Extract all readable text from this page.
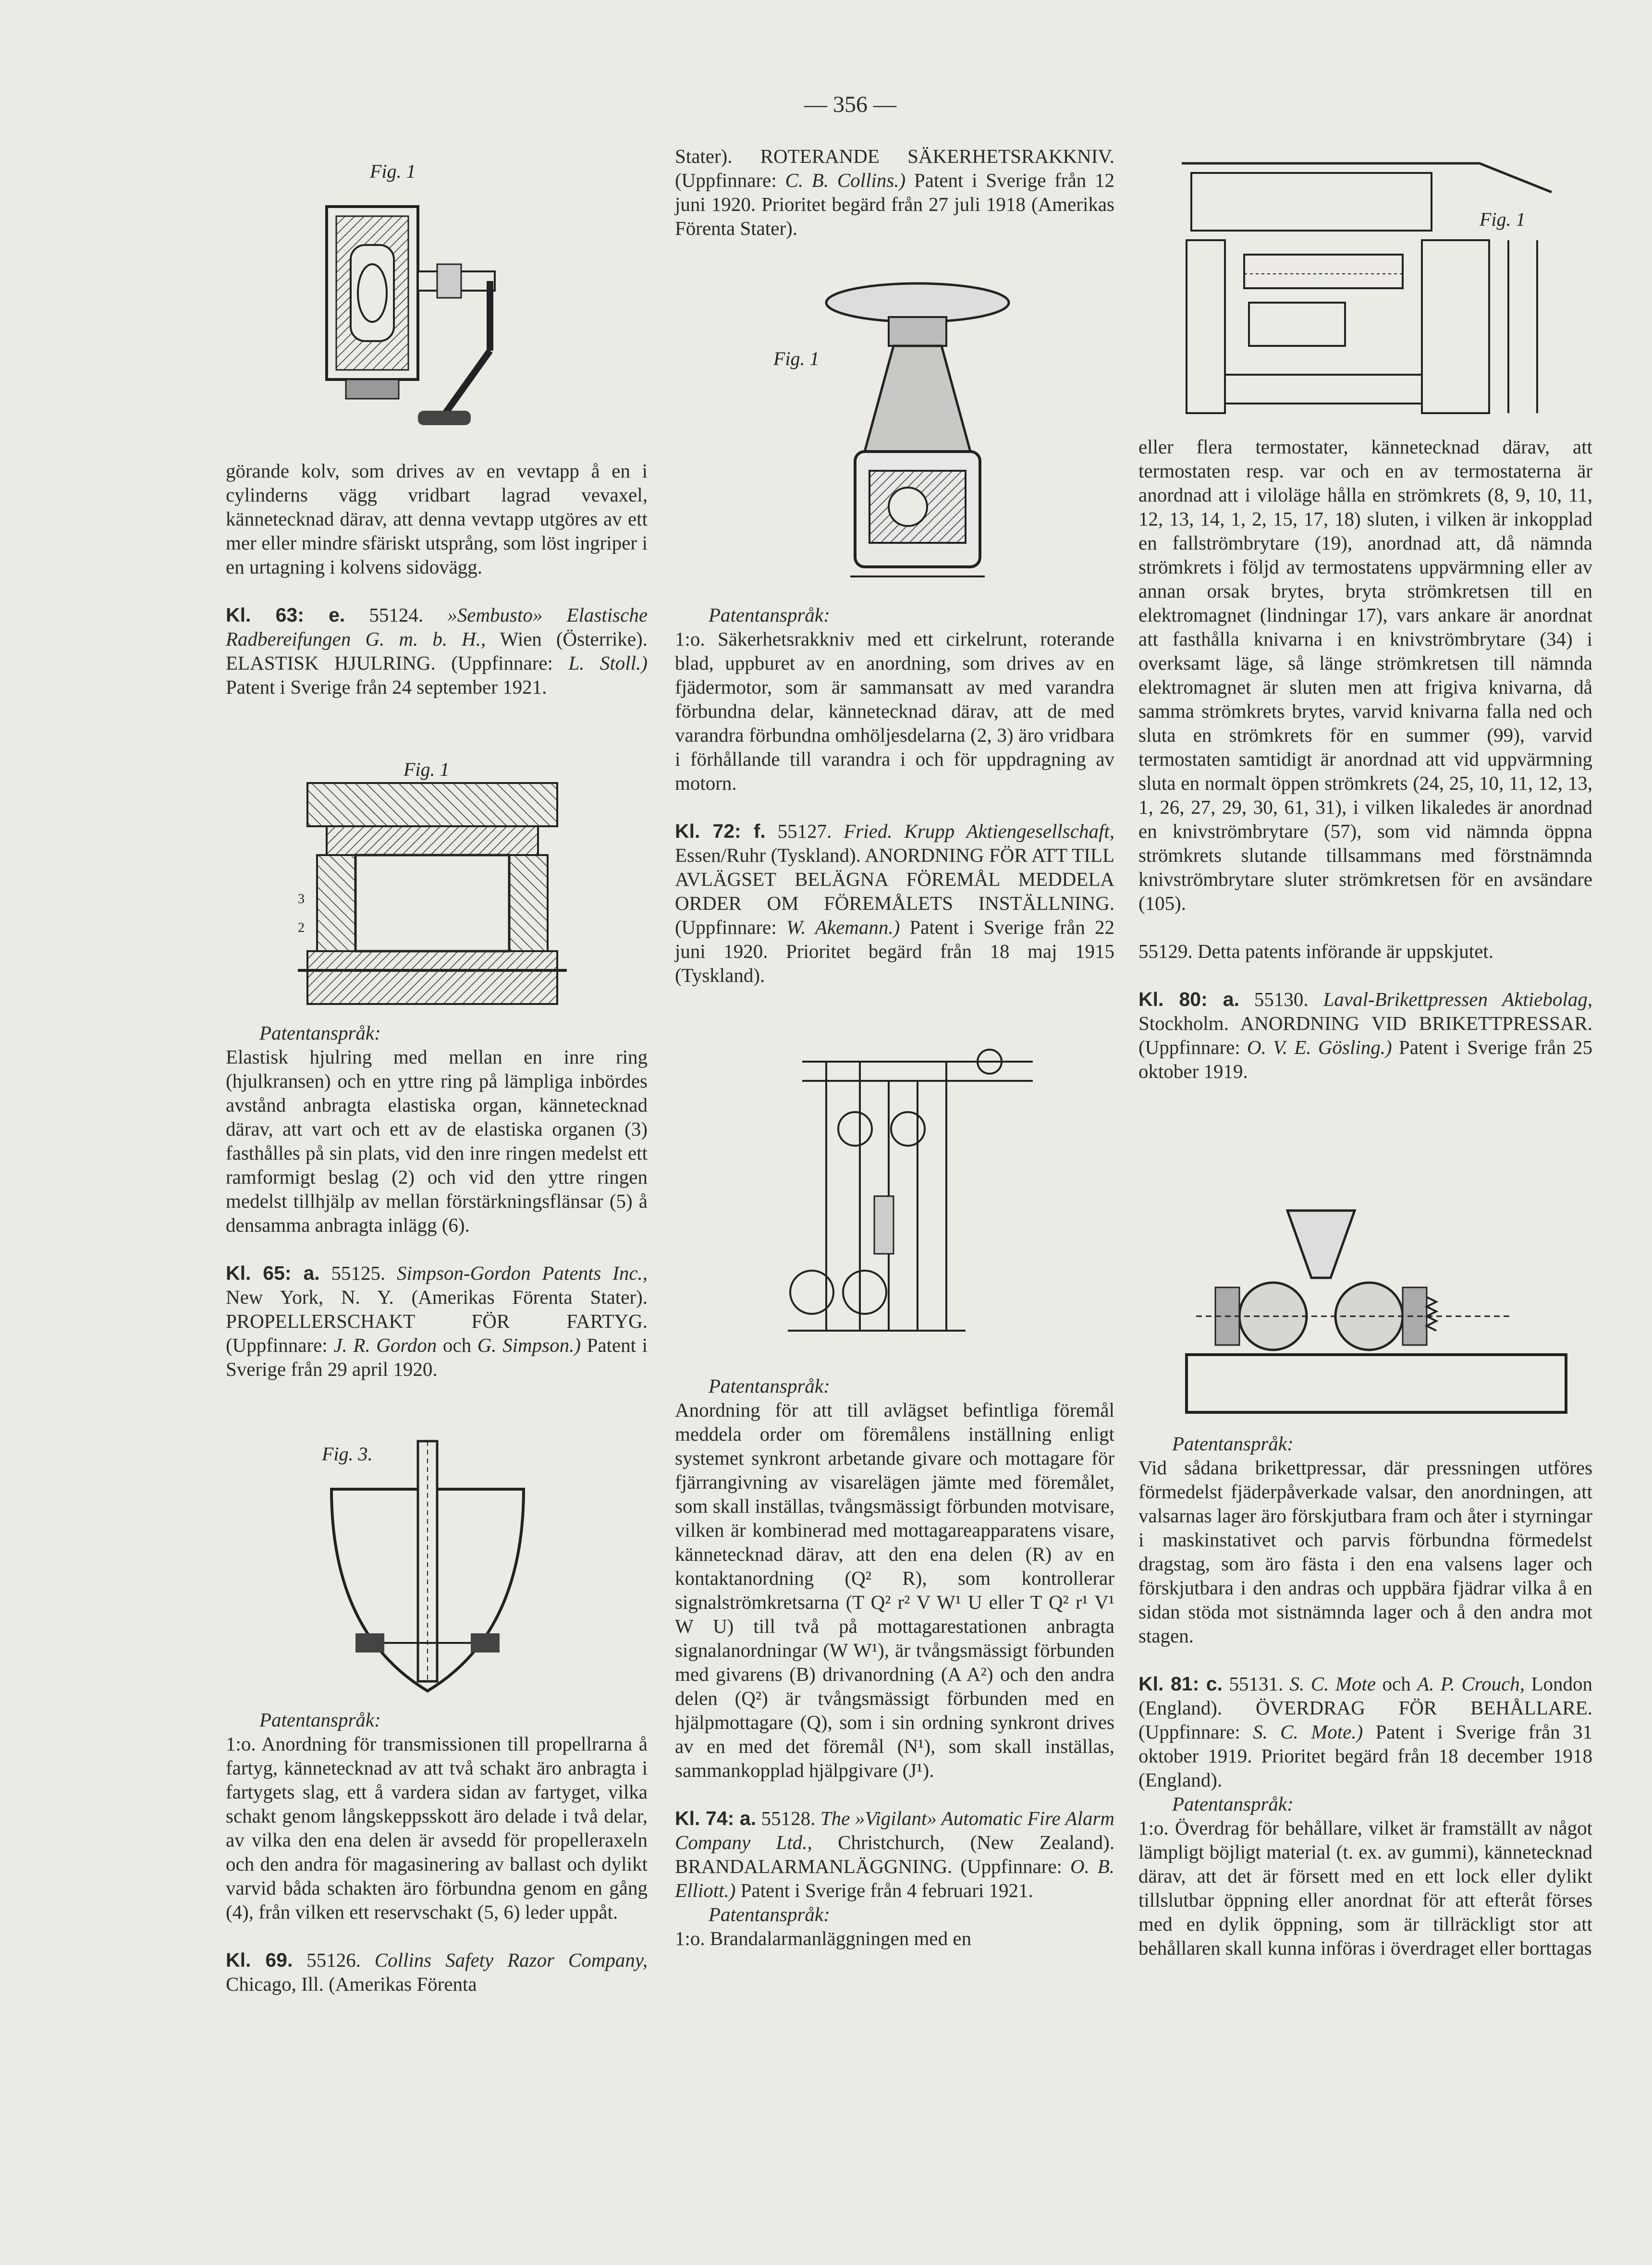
— 356 —
Fig. 1
Fig. 1
3
2
Fig. 3.
Fig. 1
Fig. 1

görande kolv, som drives av en vevtapp å en i cylinderns vägg vridbart lagrad vevaxel, kännetecknad därav, att denna vevtapp utgöres av ett mer eller mindre sfäriskt utsprång, som löst ingriper i en urtagning i kolvens sidovägg.

Kl. 63: e. 55124. »Sembusto» Elastische Radbereifungen G. m. b. H., Wien (Österrike). ELASTISK HJULRING. (Uppfinnare: L. Stoll.) Patent i Sverige från 24 september 1921.

Patentanspråk:

Elastisk hjulring med mellan en inre ring (hjulkransen) och en yttre ring på lämpliga inbördes avstånd anbragta elastiska organ, kännetecknad därav, att vart och ett av de elastiska organen (3) fasthålles på sin plats, vid den inre ringen medelst ett ramformigt beslag (2) och vid den yttre ringen medelst tillhjälp av mellan förstärkningsflänsar (5) å densamma anbragta inlägg (6).

Kl. 65: a. 55125. Simpson-Gordon Patents Inc., New York, N. Y. (Amerikas Förenta Stater). PROPELLERSCHAKT FÖR FARTYG. (Uppfinnare: J. R. Gordon och G. Simpson.) Patent i Sverige från 29 april 1920.

Patentanspråk:

1:o. Anordning för transmissionen till propellrarna å fartyg, kännetecknad av att två schakt äro anbragta i fartygets slag, ett å vardera sidan av fartyget, vilka schakt genom långskeppsskott äro delade i två delar, av vilka den ena delen är avsedd för propelleraxeln och den andra för magasinering av ballast och dylikt varvid båda schakten äro förbundna genom en gång (4), från vilken ett reservschakt (5, 6) leder uppåt.

Kl. 69. 55126. Collins Safety Razor Company, Chicago, Ill. (Amerikas Förenta

Stater). ROTERANDE SÄKERHETSRAKKNIV. (Uppfinnare: C. B. Collins.) Patent i Sverige från 12 juni 1920. Prioritet begärd från 27 juli 1918 (Amerikas Förenta Stater).

Patentanspråk:

1:o. Säkerhetsrakkniv med ett cirkelrunt, roterande blad, uppburet av en anordning, som drives av en fjädermotor, som är sammansatt av med varandra förbundna delar, kännetecknad därav, att de med varandra förbundna omhöljesdelarna (2, 3) äro vridbara i förhållande till varandra i och för uppdragning av motorn.

Kl. 72: f. 55127. Fried. Krupp Aktiengesellschaft, Essen/Ruhr (Tyskland). ANORDNING FÖR ATT TILL AVLÄGSET BELÄGNA FÖREMÅL MEDDELA ORDER OM FÖREMÅLETS INSTÄLLNING. (Uppfinnare: W. Akemann.) Patent i Sverige från 22 juni 1920. Prioritet begärd från 18 maj 1915 (Tyskland).

Patentanspråk:

Anordning för att till avlägset befintliga föremål meddela order om föremålens inställning enligt systemet synkront arbetande givare och mottagare för fjärrangivning av visarelägen jämte med föremålet, som skall inställas, tvångsmässigt förbunden motvisare, vilken är kombinerad med mottagareapparatens visare, kännetecknad därav, att den ena delen (R) av en kontaktanordning (Q² R), som kontrollerar signalströmkretsarna (T Q² r² V W¹ U eller T Q² r¹ V¹ W U) till två på mottagarestationen anbragta signalanordningar (W W¹), är tvångsmässigt förbunden med givarens (B) drivanordning (A A²) och den andra delen (Q²) är tvångsmässigt förbunden med en hjälpmottagare (Q), som i sin ordning synkront drives av en med det föremål (N¹), som skall inställas, sammankopplad hjälpgivare (J¹).

Kl. 74: a. 55128. The »Vigilant» Automatic Fire Alarm Company Ltd., Christchurch, (New Zealand). BRANDALARMANLÄGGNING. (Uppfinnare: O. B. Elliott.) Patent i Sverige från 4 februari 1921.

Patentanspråk:

1:o. Brandalarmanläggningen med en

eller flera termostater, kännetecknad därav, att termostaten resp. var och en av termostaterna är anordnad att i viloläge hålla en strömkrets (8, 9, 10, 11, 12, 13, 14, 1, 2, 15, 17, 18) sluten, i vilken är inkopplad en fallströmbrytare (19), anordnad att, då nämnda strömkrets i följd av termostatens uppvärmning eller av annan orsak brytes, bryta strömkretsen till en elektromagnet (lindningar 17), vars ankare är anordnat att fasthålla knivarna i en knivströmbrytare (34) i overksamt läge, så länge strömkretsen till nämnda elektromagnet är sluten men att frigiva knivarna, då samma strömkrets brytes, varvid knivarna falla ned och sluta en strömkrets för en summer (99), varvid termostaten samtidigt är anordnad att vid uppvärmning sluta en normalt öppen strömkrets (24, 25, 10, 11, 12, 13, 1, 26, 27, 29, 30, 61, 31), i vilken likaledes är anordnad en knivströmbrytare (57), som vid nämnda öppna strömkrets slutande tillsammans med förstnämnda knivströmbrytare sluter strömkretsen för en avsändare (105).

55129. Detta patents införande är uppskjutet.

Kl. 80: a. 55130. Laval-Brikettpressen Aktiebolag, Stockholm. ANORDNING VID BRIKETTPRESSAR. (Uppfinnare: O. V. E. Gösling.) Patent i Sverige från 25 oktober 1919.

Patentanspråk:

Vid sådana brikettpressar, där pressningen utföres förmedelst fjäderpåverkade valsar, den anordningen, att valsarnas lager äro förskjutbara fram och åter i styrningar i maskinstativet och parvis förbundna förmedelst dragstag, som äro fästa i den ena valsens lager och förskjutbara i den andras och uppbära fjädrar vilka å en sidan stöda mot sistnämnda lager och å den andra mot stagen.

Kl. 81: c. 55131. S. C. Mote och A. P. Crouch, London (England). ÖVERDRAG FÖR BEHÅLLARE. (Uppfinnare: S. C. Mote.) Patent i Sverige från 31 oktober 1919. Prioritet begärd från 18 december 1918 (England).

Patentanspråk:

1:o. Överdrag för behållare, vilket är framställt av något lämpligt böjligt material (t. ex. av gummi), kännetecknad därav, att det är försett med en ett lock eller dylikt tillslutbar öppning eller anordnat för att efteråt förses med en dylik öppning, som är tillräckligt stor att behållaren skall kunna införas i överdraget eller borttagas
